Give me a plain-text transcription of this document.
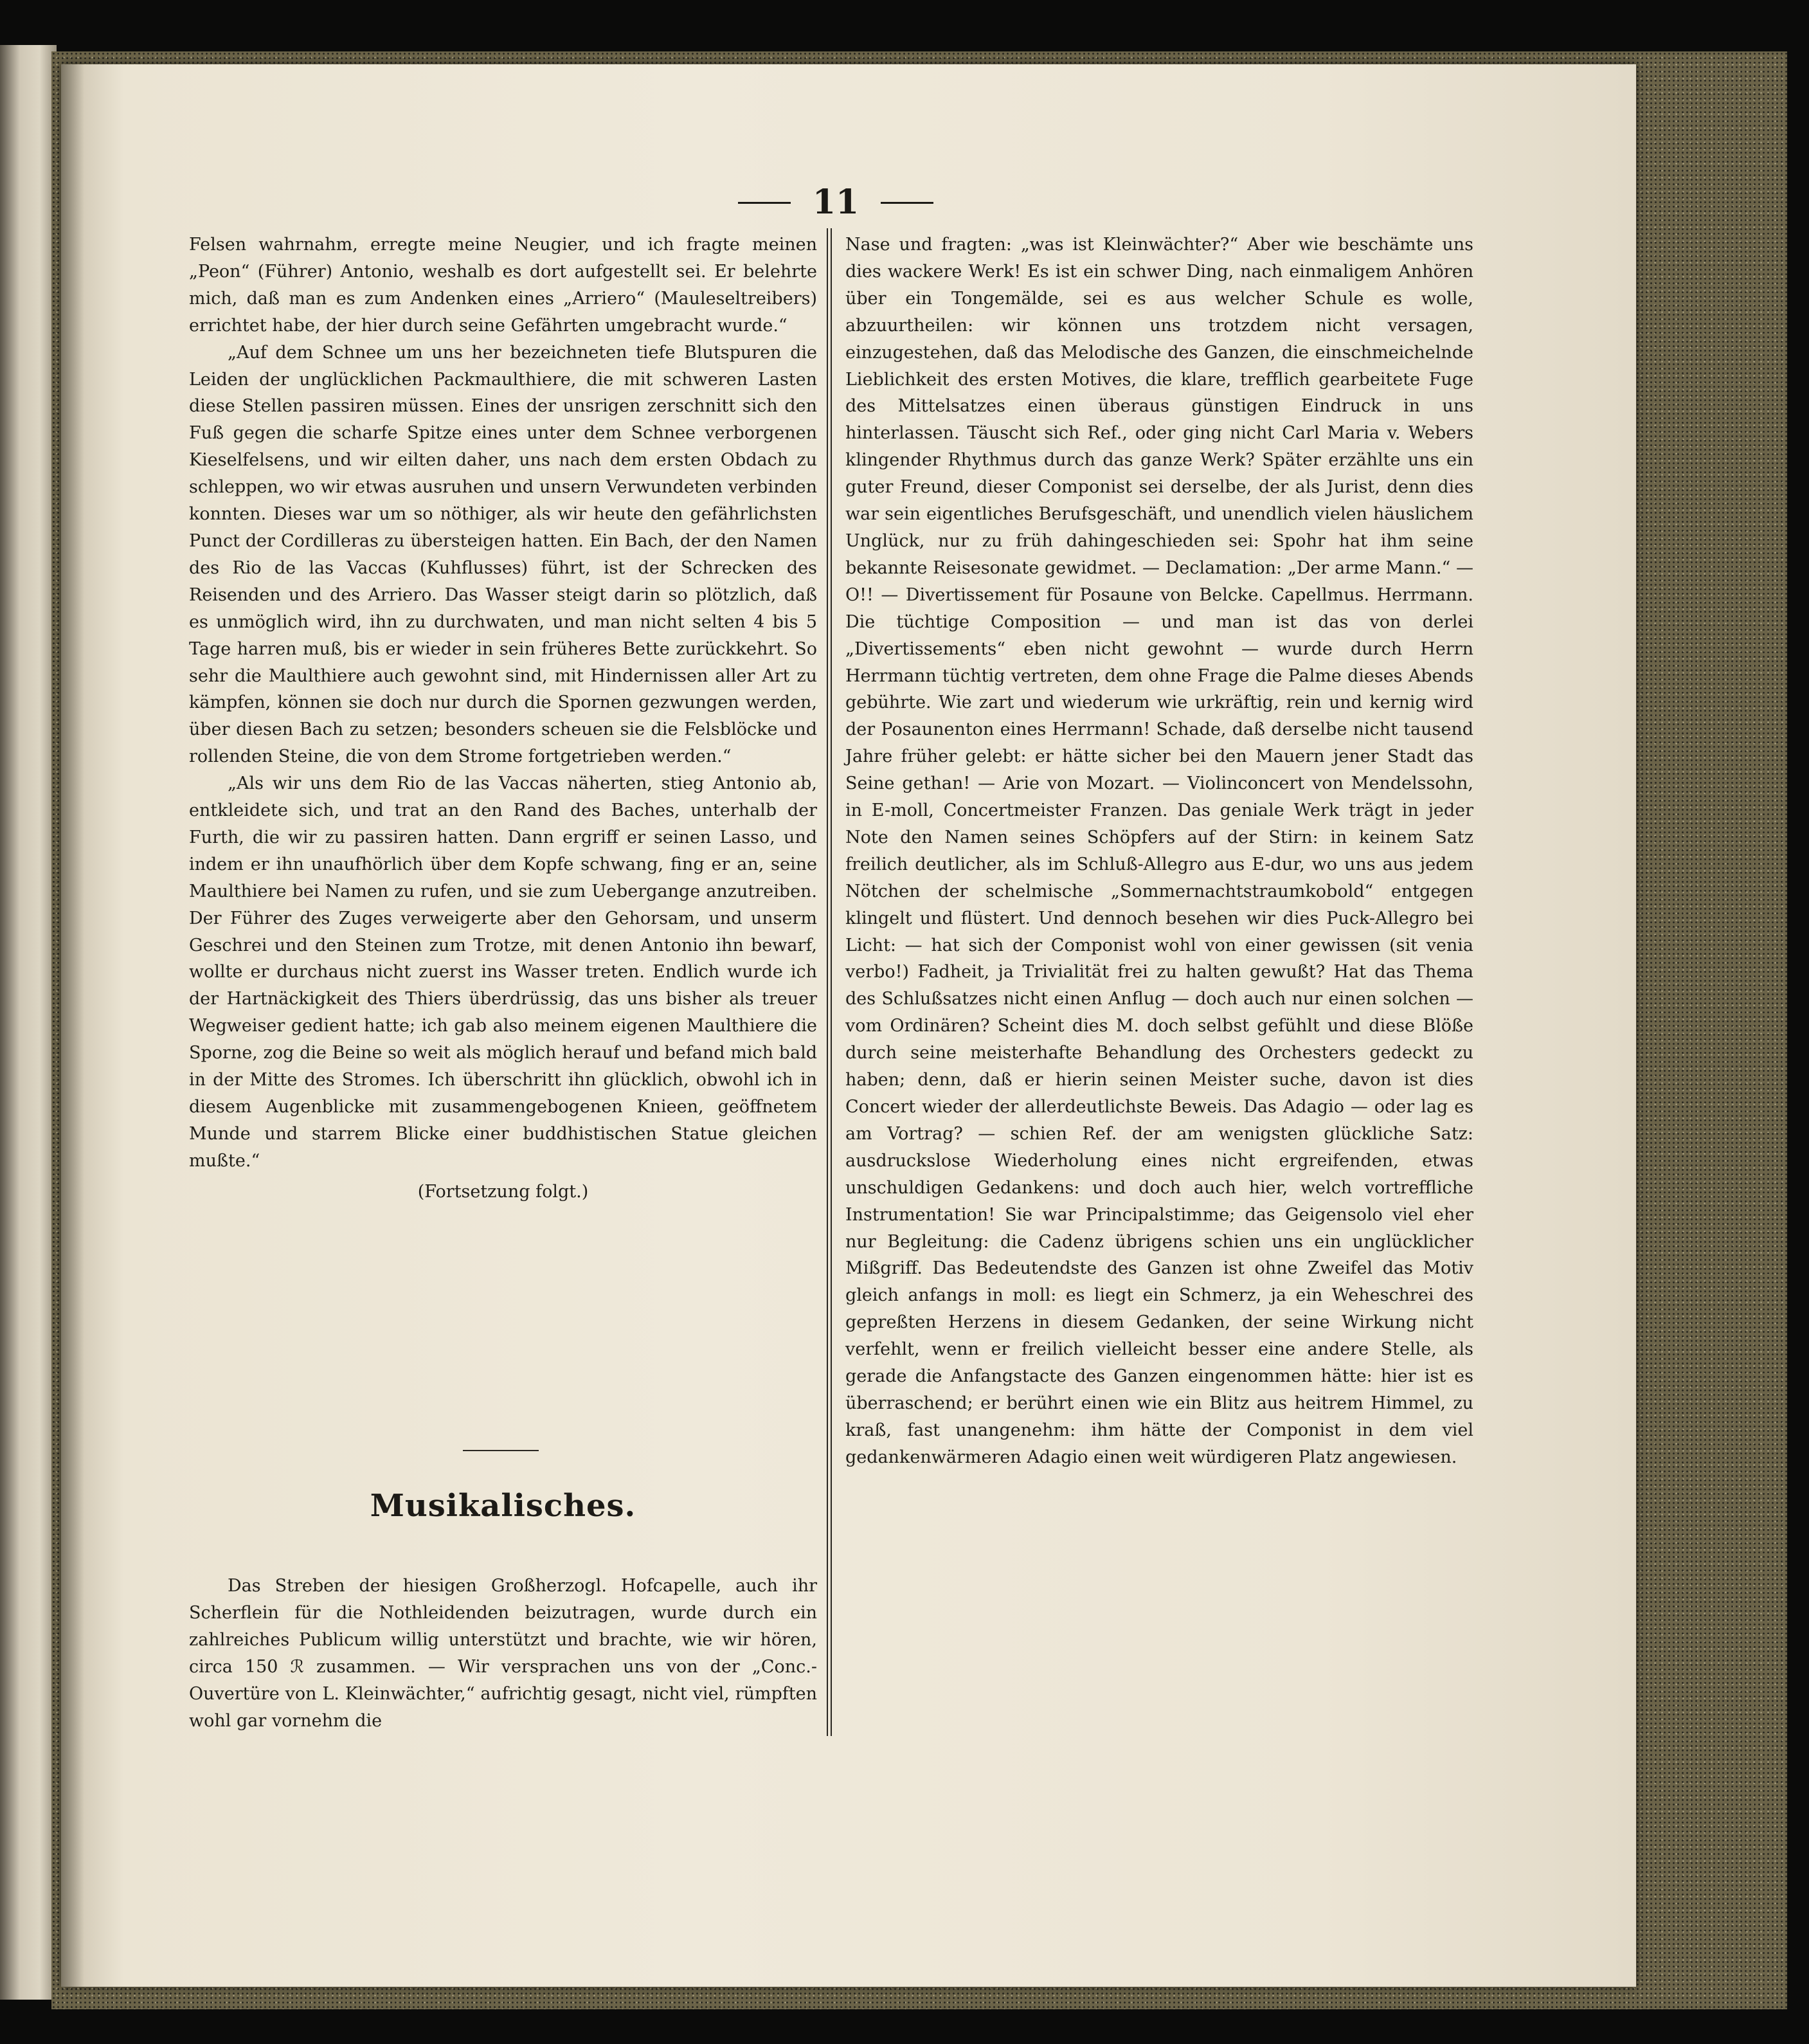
11

Felsen wahrnahm, erregte meine Neugier, und ich fragte meinen „Peon“ (Führer) Antonio, weshalb es dort aufgestellt sei. Er belehrte mich, daß man es zum Andenken eines „Arriero“ (Mauleseltreibers) errichtet habe, der hier durch seine Gefährten umgebracht wurde.“

„Auf dem Schnee um uns her bezeichneten tiefe Blutspuren die Leiden der unglücklichen Packmaulthiere, die mit schweren Lasten diese Stellen passiren müssen. Eines der unsrigen zerschnitt sich den Fuß gegen die scharfe Spitze eines unter dem Schnee verborgenen Kieselfelsens, und wir eilten daher, uns nach dem ersten Obdach zu schleppen, wo wir etwas ausruhen und unsern Verwundeten verbinden konnten. Dieses war um so nöthiger, als wir heute den gefährlichsten Punct der Cordilleras zu übersteigen hatten. Ein Bach, der den Namen des Rio de las Vaccas (Kuhflusses) führt, ist der Schrecken des Reisenden und des Arriero. Das Wasser steigt darin so plötzlich, daß es unmöglich wird, ihn zu durchwaten, und man nicht selten 4 bis 5 Tage harren muß, bis er wieder in sein früheres Bette zurückkehrt. So sehr die Maulthiere auch gewohnt sind, mit Hindernissen aller Art zu kämpfen, können sie doch nur durch die Spornen gezwungen werden, über diesen Bach zu setzen; besonders scheuen sie die Felsblöcke und rollenden Steine, die von dem Strome fortgetrieben werden.“

„Als wir uns dem Rio de las Vaccas näherten, stieg Antonio ab, entkleidete sich, und trat an den Rand des Baches, unterhalb der Furth, die wir zu passiren hatten. Dann ergriff er seinen Lasso, und indem er ihn unaufhörlich über dem Kopfe schwang, fing er an, seine Maulthiere bei Namen zu rufen, und sie zum Uebergange anzutreiben. Der Führer des Zuges verweigerte aber den Gehorsam, und unserm Geschrei und den Steinen zum Trotze, mit denen Antonio ihn bewarf, wollte er durchaus nicht zuerst ins Wasser treten. Endlich wurde ich der Hartnäckigkeit des Thiers überdrüssig, das uns bisher als treuer Wegweiser gedient hatte; ich gab also meinem eigenen Maulthiere die Sporne, zog die Beine so weit als möglich herauf und befand mich bald in der Mitte des Stromes. Ich überschritt ihn glücklich, obwohl ich in diesem Augenblicke mit zusammengebogenen Knieen, geöffnetem Munde und starrem Blicke einer buddhistischen Statue gleichen mußte.“

(Fortsetzung folgt.)
Musikalisches.

Das Streben der hiesigen Großherzogl. Hofcapelle, auch ihr Scherflein für die Nothleidenden beizutragen, wurde durch ein zahlreiches Publicum willig unterstützt und brachte, wie wir hören, circa 150 ℛ zusammen. — Wir versprachen uns von der „Conc.-Ouvertüre von L. Kleinwächter,“ aufrichtig gesagt, nicht viel, rümpften wohl gar vornehm die

Nase und fragten: „was ist Kleinwächter?“ Aber wie beschämte uns dies wackere Werk! Es ist ein schwer Ding, nach einmaligem Anhören über ein Tongemälde, sei es aus welcher Schule es wolle, abzuurtheilen: wir können uns trotzdem nicht versagen, einzugestehen, daß das Melodische des Ganzen, die einschmeichelnde Lieblichkeit des ersten Motives, die klare, trefflich gearbeitete Fuge des Mittelsatzes einen überaus günstigen Eindruck in uns hinterlassen. Täuscht sich Ref., oder ging nicht Carl Maria v. Webers klingender Rhythmus durch das ganze Werk? Später erzählte uns ein guter Freund, dieser Componist sei derselbe, der als Jurist, denn dies war sein eigentliches Berufsgeschäft, und unendlich vielen häuslichem Unglück, nur zu früh dahingeschieden sei: Spohr hat ihm seine bekannte Reisesonate gewidmet. — Declamation: „Der arme Mann.“ — O!! — Divertissement für Posaune von Belcke. Capellmus. Herrmann. Die tüchtige Composition — und man ist das von derlei „Divertissements“ eben nicht gewohnt — wurde durch Herrn Herrmann tüchtig vertreten, dem ohne Frage die Palme dieses Abends gebührte. Wie zart und wiederum wie urkräftig, rein und kernig wird der Posaunenton eines Herrmann! Schade, daß derselbe nicht tausend Jahre früher gelebt: er hätte sicher bei den Mauern jener Stadt das Seine gethan! — Arie von Mozart. — Violinconcert von Mendelssohn, in E-moll, Concertmeister Franzen. Das geniale Werk trägt in jeder Note den Namen seines Schöpfers auf der Stirn: in keinem Satz freilich deutlicher, als im Schluß-Allegro aus E-dur, wo uns aus jedem Nötchen der schelmische „Sommernachtstraumkobold“ entgegen klingelt und flüstert. Und dennoch besehen wir dies Puck-Allegro bei Licht: — hat sich der Componist wohl von einer gewissen (sit venia verbo!) Fadheit, ja Trivialität frei zu halten gewußt? Hat das Thema des Schlußsatzes nicht einen Anflug — doch auch nur einen solchen — vom Ordinären? Scheint dies M. doch selbst gefühlt und diese Blöße durch seine meisterhafte Behandlung des Orchesters gedeckt zu haben; denn, daß er hierin seinen Meister suche, davon ist dies Concert wieder der allerdeutlichste Beweis. Das Adagio — oder lag es am Vortrag? — schien Ref. der am wenigsten glückliche Satz: ausdruckslose Wiederholung eines nicht ergreifenden, etwas unschuldigen Gedankens: und doch auch hier, welch vortreffliche Instrumentation! Sie war Principalstimme; das Geigensolo viel eher nur Begleitung: die Cadenz übrigens schien uns ein unglücklicher Mißgriff. Das Bedeutendste des Ganzen ist ohne Zweifel das Motiv gleich anfangs in moll: es liegt ein Schmerz, ja ein Weheschrei des gepreßten Herzens in diesem Gedanken, der seine Wirkung nicht verfehlt, wenn er freilich vielleicht besser eine andere Stelle, als gerade die Anfangstacte des Ganzen eingenommen hätte: hier ist es überraschend; er berührt einen wie ein Blitz aus heitrem Himmel, zu kraß, fast unangenehm: ihm hätte der Componist in dem viel gedankenwärmeren Adagio einen weit würdigeren Platz angewiesen.
